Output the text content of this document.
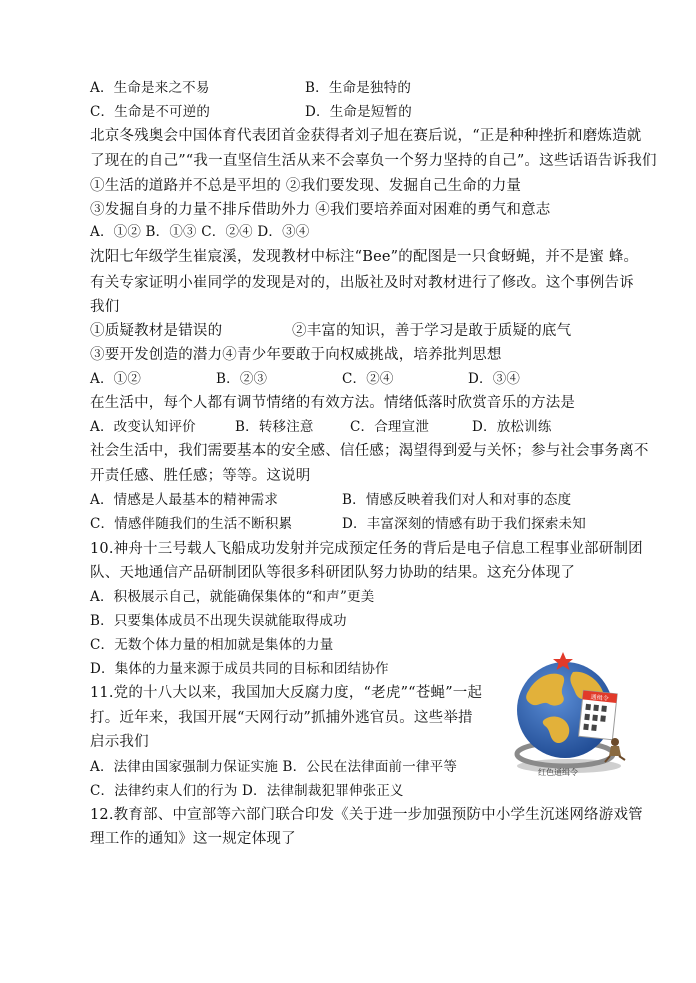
A．生命是来之不易	B．生命是独特的
C．生命是不可逆的	D．生命是短暂的
北京冬残奥会中国体育代表团首金获得者刘子旭在赛后说，“正是种种挫折和磨炼造就
了现在的自己”“我一直坚信生活从来不会辜负一个努力坚持的自己”。这些话语告诉我们
①生活的道路并不总是平坦的 ②我们要发现、发掘自己生命的力量
③发掘自身的力量不排斥借助外力 ④我们要培养面对困难的勇气和意志
A．①② B．①③ C．②④ D．③④
沈阳七年级学生崔宸溪，发现教材中标注“Bee”的配图是一只食蚜蝇，并不是蜜 蜂。
有关专家证明小崔同学的发现是对的，出版社及时对教材进行了修改。这个事例告诉
我们
①质疑教材是错误的	②丰富的知识，善于学习是敢于质疑的底气
③要开发创造的潜力④青少年要敢于向权威挑战，培养批判思想
A．①②	B．②③	C．②④	D．③④
在生活中，每个人都有调节情绪的有效方法。情绪低落时欣赏音乐的方法是
A．改变认知评价	B．转移注意	C．合理宣泄	D．放松训练
社会生活中，我们需要基本的安全感、信任感；渴望得到爱与关怀；参与社会事务离不
开责任感、胜任感；等等。这说明
A．情感是人最基本的精神需求	B．情感反映着我们对人和对事的态度
C．情感伴随我们的生活不断积累	D．丰富深刻的情感有助于我们探索未知
10.神舟十三号载人飞船成功发射并完成预定任务的背后是电子信息工程事业部研制团
队、天地通信产品研制团队等很多科研团队努力协助的结果。这充分体现了
A．积极展示自己，就能确保集体的“和声”更美
B．只要集体成员不出现失误就能取得成功
C．无数个体力量的相加就是集体的力量
D．集体的力量来源于成员共同的目标和团结协作
11.党的十八大以来，我国加大反腐力度，“老虎”“苍蝇”一起
打。近年来，我国开展“天网行动”抓捕外逃官员。这些举措
启示我们
A．法律由国家强制力保证实施 B．公民在法律面前一律平等
C．法律约束人们的行为 D．法律制裁犯罪伸张正义
12.教育部、中宣部等六部门联合印发《关于进一步加强预防中小学生沉迷网络游戏管
理工作的通知》这一规定体现了
通缉令
红色通缉令
